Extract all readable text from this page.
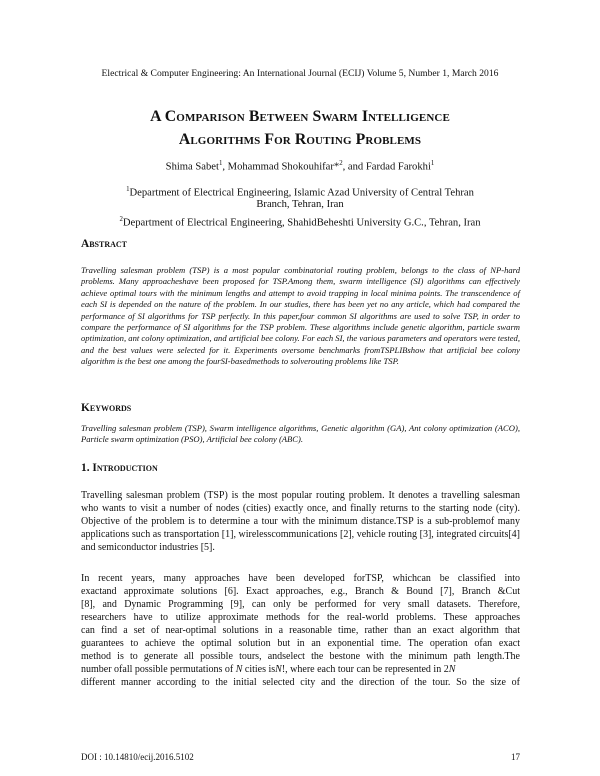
Electrical & Computer Engineering: An International Journal (ECIJ) Volume 5, Number 1, March 2016
A Comparison Between Swarm Intelligence
Algorithms For Routing Problems
Shima Sabet$^1$, Mohammad Shokouhifar*$^2$, and Fardad Farokhi$^1$
$^1$Department of Electrical Engineering, Islamic Azad University of Central Tehran
Branch, Tehran, Iran
$^2$Department of Electrical Engineering, ShahidBeheshti University G.C., Tehran, Iran
Abstract
Travelling salesman problem (TSP) is a most popular combinatorial routing problem, belongs to the class of NP-hard problems. Many approacheshave been proposed for TSP.Among them, swarm intelligence (SI) algorithms can effectively achieve optimal tours with the minimum lengths and attempt to avoid trapping in local minima points. The transcendence of each SI is depended on the nature of the problem. In our studies, there has been yet no any article, which had compared the performance of SI algorithms for TSP perfectly. In this paper,four common SI algorithms are used to solve TSP, in order to compare the performance of SI algorithms for the TSP problem. These algorithms include genetic algorithm, particle swarm optimization, ant colony optimization, and artificial bee colony. For each SI, the various parameters and operators were tested, and the best values were selected for it. Experiments oversome benchmarks fromTSPLIBshow that artificial bee colony algorithm is the best one among the fourSI-basedmethods to solverouting problems like TSP.
Keywords
Travelling salesman problem (TSP), Swarm intelligence algorithms, Genetic algorithm (GA), Ant colony optimization (ACO), Particle swarm optimization (PSO), Artificial bee colony (ABC).
1. Introduction
Travelling salesman problem (TSP) is the most popular routing problem. It denotes a travelling salesman who wants to visit a number of nodes (cities) exactly once, and finally returns to the starting node (city). Objective of the problem is to determine a tour with the minimum distance.TSP is a sub-problemof many applications such as transportation [1], wirelesscommunications [2], vehicle routing [3], integrated circuits[4] and semiconductor industries [5].
In recent years, many approaches have been developed forTSP, whichcan be classified into
exactand approximate solutions [6]. Exact approaches, e.g., Branch & Bound [7], Branch &Cut
[8], and Dynamic Programming [9], can only be performed for very small datasets. Therefore,
researchers have to utilize approximate methods for the real-world problems. These approaches
can find a set of near-optimal solutions in a reasonable time, rather than an exact algorithm that
guarantees to achieve the optimal solution but in an exponential time. The operation ofan exact
method is to generate all possible tours, andselect the bestone with the minimum path length.The
number ofall possible permutations of N cities isN!, where each tour can be represented in 2N
different manner according to the initial selected city and the direction of the tour. So the size of
DOI : 10.14810/ecij.2016.5102	17
